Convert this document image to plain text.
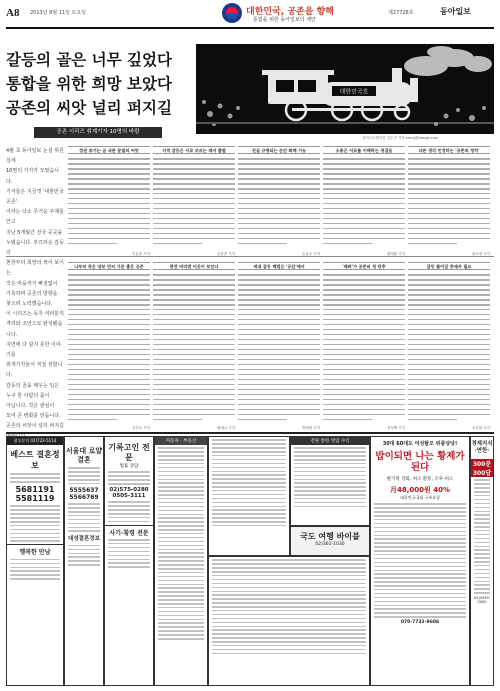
A8 2013년 8월 11일 토요일	대한민국, 공존을 향해
통합을 위한 동아일보의 제안
제27728호	동아일보
갈등의 골은 너무 깊었다
통합을 위한 희망 보았다
공존의 씨앗 널리 퍼지길
공존 시리즈 취재기자 10명의 바람
대한민국호
일러스트레이션 김수진 기자 kimsj@donga.com
4월 초 동아일보 논설 위원실에
10명의 기자가 모였습니다.
기자들은 지금껏 '대한민국 공존'
이라는 다소 무거운 주제를 안고
지난 5개월간 전국 곳곳을
누볐습니다. 부끄러운 갈등의
현장부터 희망의 싹이 보이는
작은 마을까지 빠짐없이
기록하며 공존의 방향을
찾으려 노력했습니다.
이 시리즈는 독자 여러분의
격려와 조언으로 완성됐습니다.
지면에 다 담지 못한 이야기를
취재기자들이 직접 전합니다.
갈등의 골을 메우는 일은
누구 한 사람의 몫이
아닙니다. 작은 관심이
모여 큰 변화를 만듭니다.
공존의 씨앗이 널리 퍼지길
정권 위기는 곧 국론 분열의 씨앗
이유종 기자
지역 갈등은 서로 모르는 데서 출발
김윤종 기자
진실 규명되는 순간 화해 가능
손효주 기자
소통은 서로를 이해하는 첫걸음
황태훈 기자
다른 생각 인정하는 '공존의 정치'
곽도영 기자
나부터 작은 양보 먼저 기분 좋은 공존
신진우 기자
편견 버리면 이웃이 보인다
최예나 기자
세대 갈등 해법은 '공감'에서
박재명 기자
'배려'가 공존의 첫 단추
정성택 기자
갈등 풀어갈 중재자 필요
조건희 기자
광고문의 02)722-5114
베스트 결혼정보
5681191
5581119
행복한 만남
서울대 로얄결혼
5555637
5566769
대성결혼정보
기록고인 전문
법률 상담
02)575-0280
0505-3111
사기·횡령 전문
자동차 · 부동산	전원 통한 영업 수익
국도 여행 바이블
02)361-1030
30대 60대도 여성탈모 위풍당당!
밥이되면 나는 황제가된다
발기력 강화, 허소·환통, 조루·희소
月48,000원 40%
대한민국 3대 구조요청
070-7732-9606
경제지식·연한·
300분
300답
02)2039-0000
